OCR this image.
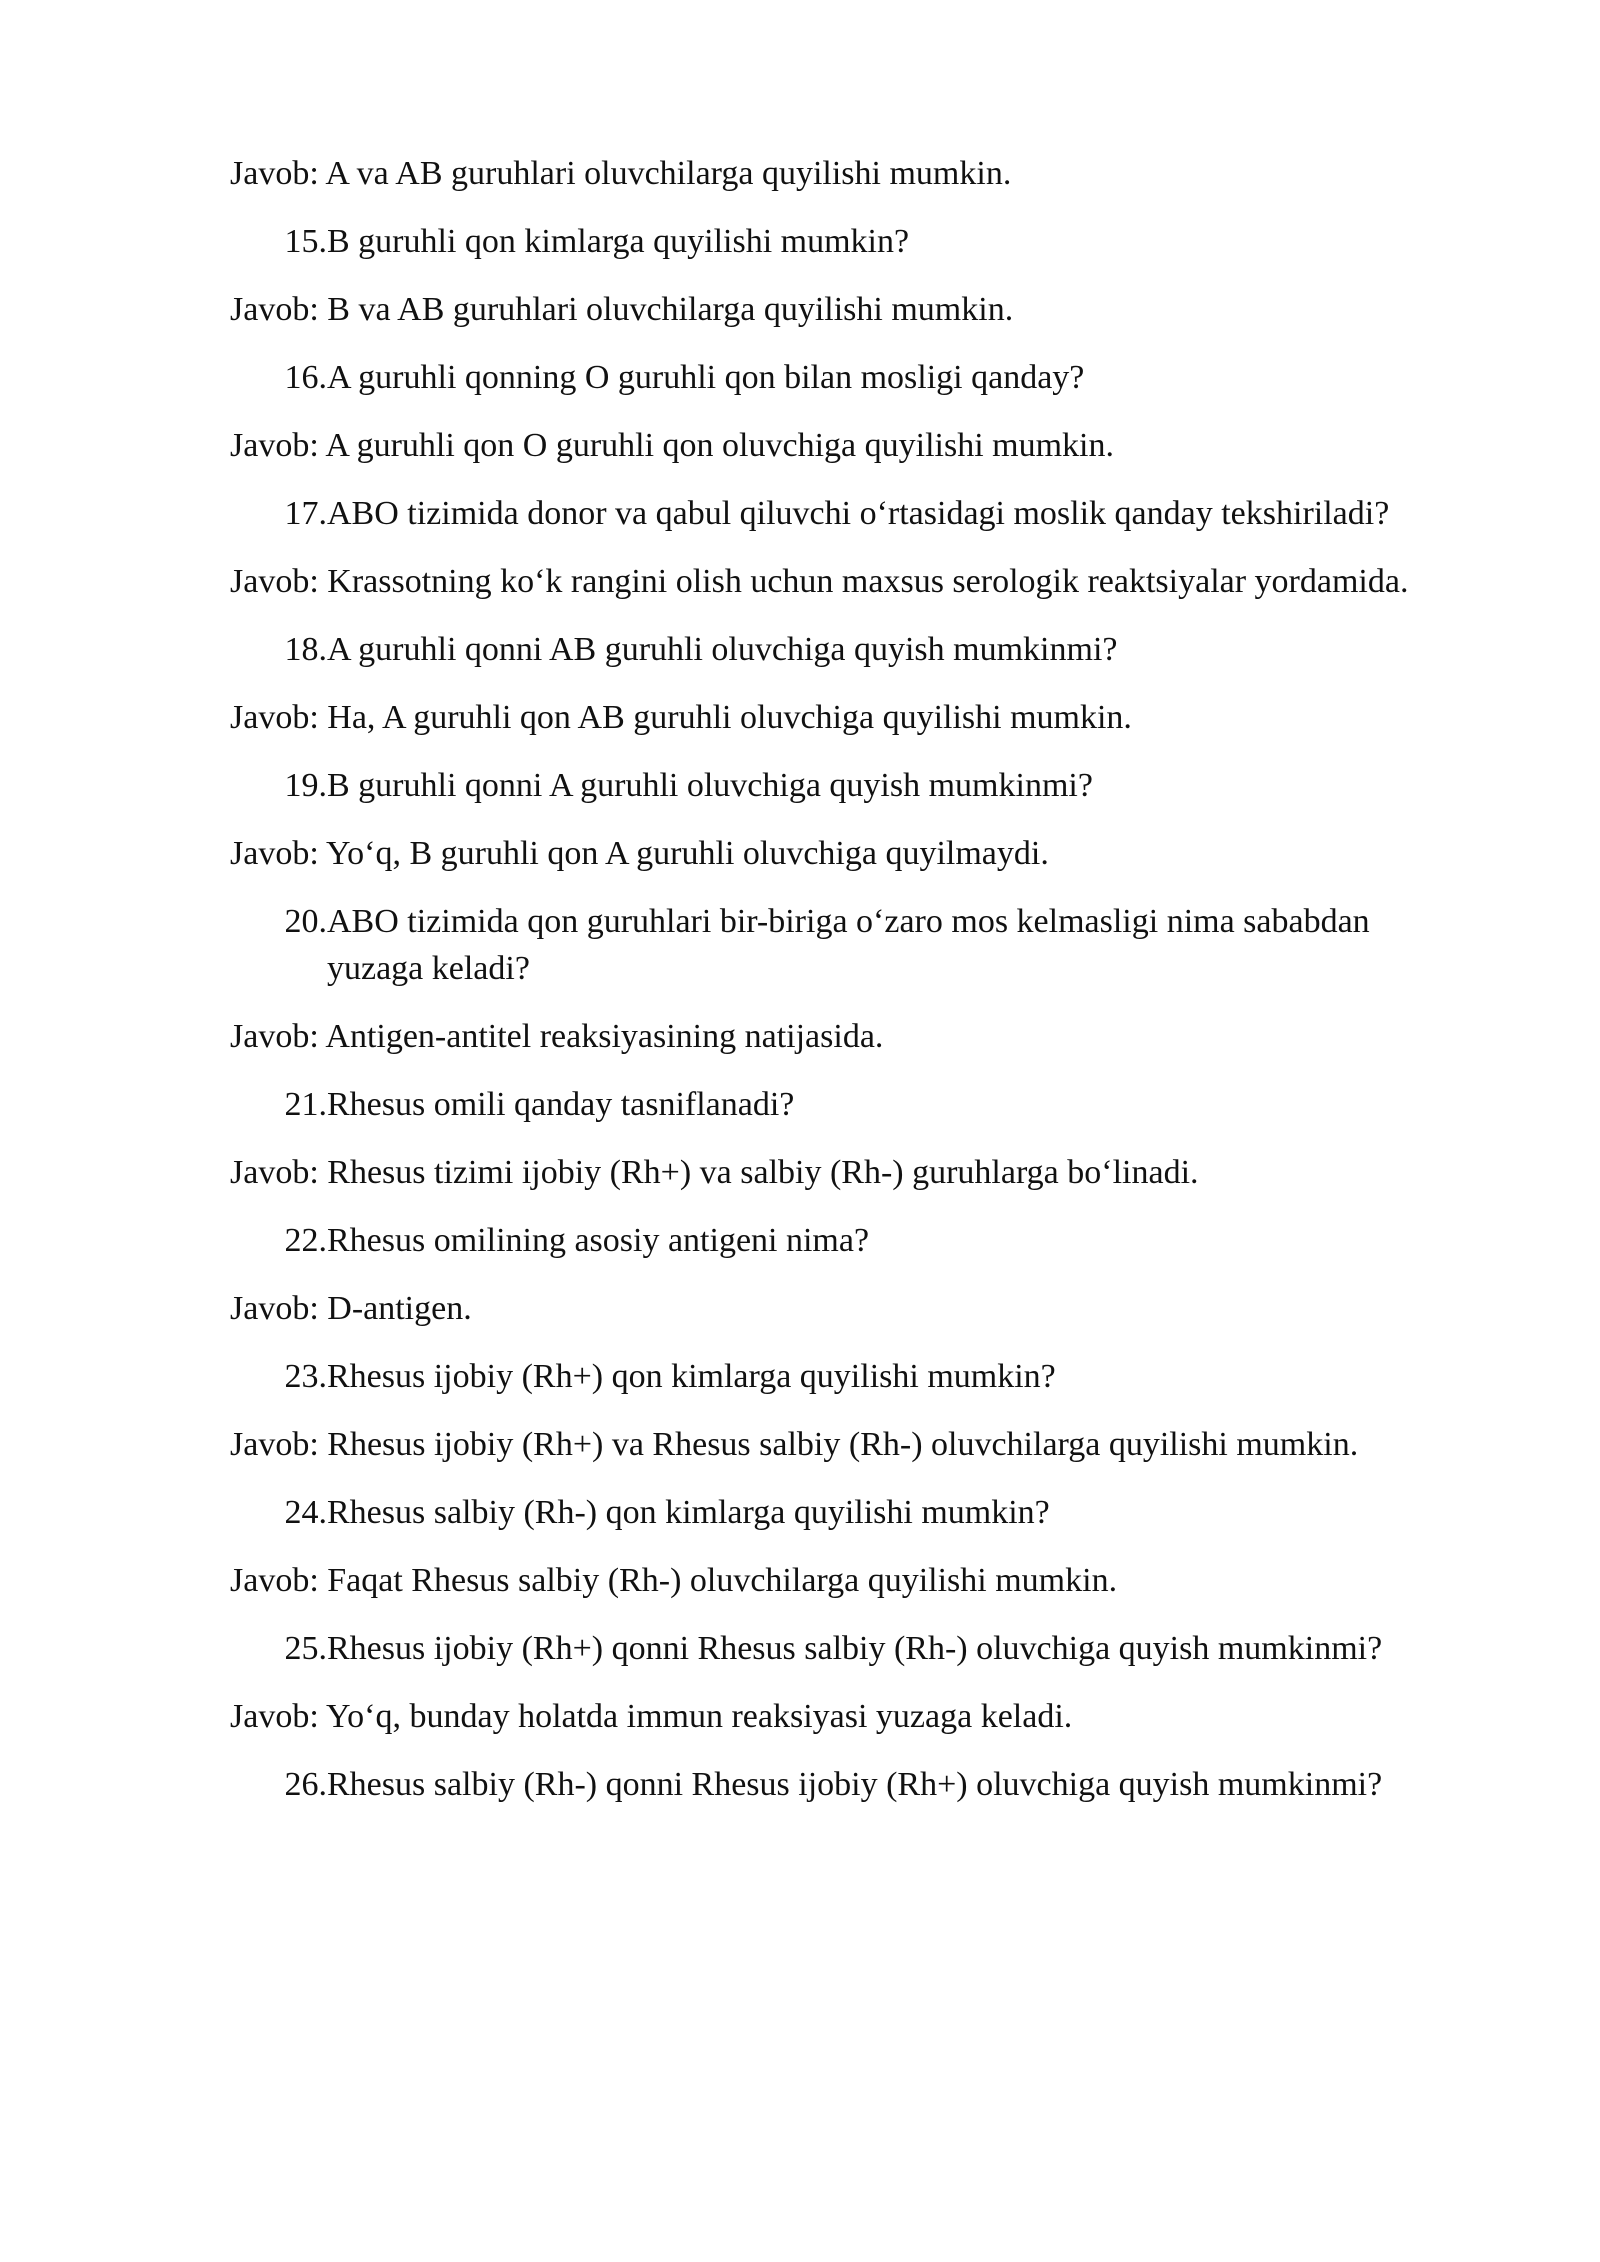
Javob: A va AB guruhlari oluvchilarga quyilishi mumkin.
15. B guruhli qon kimlarga quyilishi mumkin?
Javob: B va AB guruhlari oluvchilarga quyilishi mumkin.
16. A guruhli qonning O guruhli qon bilan mosligi qanday?
Javob: A guruhli qon O guruhli qon oluvchiga quyilishi mumkin.
17. ABO tizimida donor va qabul qiluvchi o‘rtasidagi moslik qanday tekshiriladi?
Javob: Krassotning ko‘k rangini olish uchun maxsus serologik reaktsiyalar yordamida.
18. A guruhli qonni AB guruhli oluvchiga quyish mumkinmi?
Javob: Ha, A guruhli qon AB guruhli oluvchiga quyilishi mumkin.
19. B guruhli qonni A guruhli oluvchiga quyish mumkinmi?
Javob: Yo‘q, B guruhli qon A guruhli oluvchiga quyilmaydi.
20. ABO tizimida qon guruhlari bir-biriga o‘zaro mos kelmasligi nima sababdan yuzaga keladi?
Javob: Antigen-antitel reaksiyasining natijasida.
21. Rhesus omili qanday tasniflanadi?
Javob: Rhesus tizimi ijobiy (Rh+) va salbiy (Rh-) guruhlarga bo‘linadi.
22. Rhesus omilining asosiy antigeni nima?
Javob: D-antigen.
23. Rhesus ijobiy (Rh+) qon kimlarga quyilishi mumkin?
Javob: Rhesus ijobiy (Rh+) va Rhesus salbiy (Rh-) oluvchilarga quyilishi mumkin.
24. Rhesus salbiy (Rh-) qon kimlarga quyilishi mumkin?
Javob: Faqat Rhesus salbiy (Rh-) oluvchilarga quyilishi mumkin.
25. Rhesus ijobiy (Rh+) qonni Rhesus salbiy (Rh-) oluvchiga quyish mumkinmi?
Javob: Yo‘q, bunday holatda immun reaksiyasi yuzaga keladi.
26. Rhesus salbiy (Rh-) qonni Rhesus ijobiy (Rh+) oluvchiga quyish mumkinmi?
